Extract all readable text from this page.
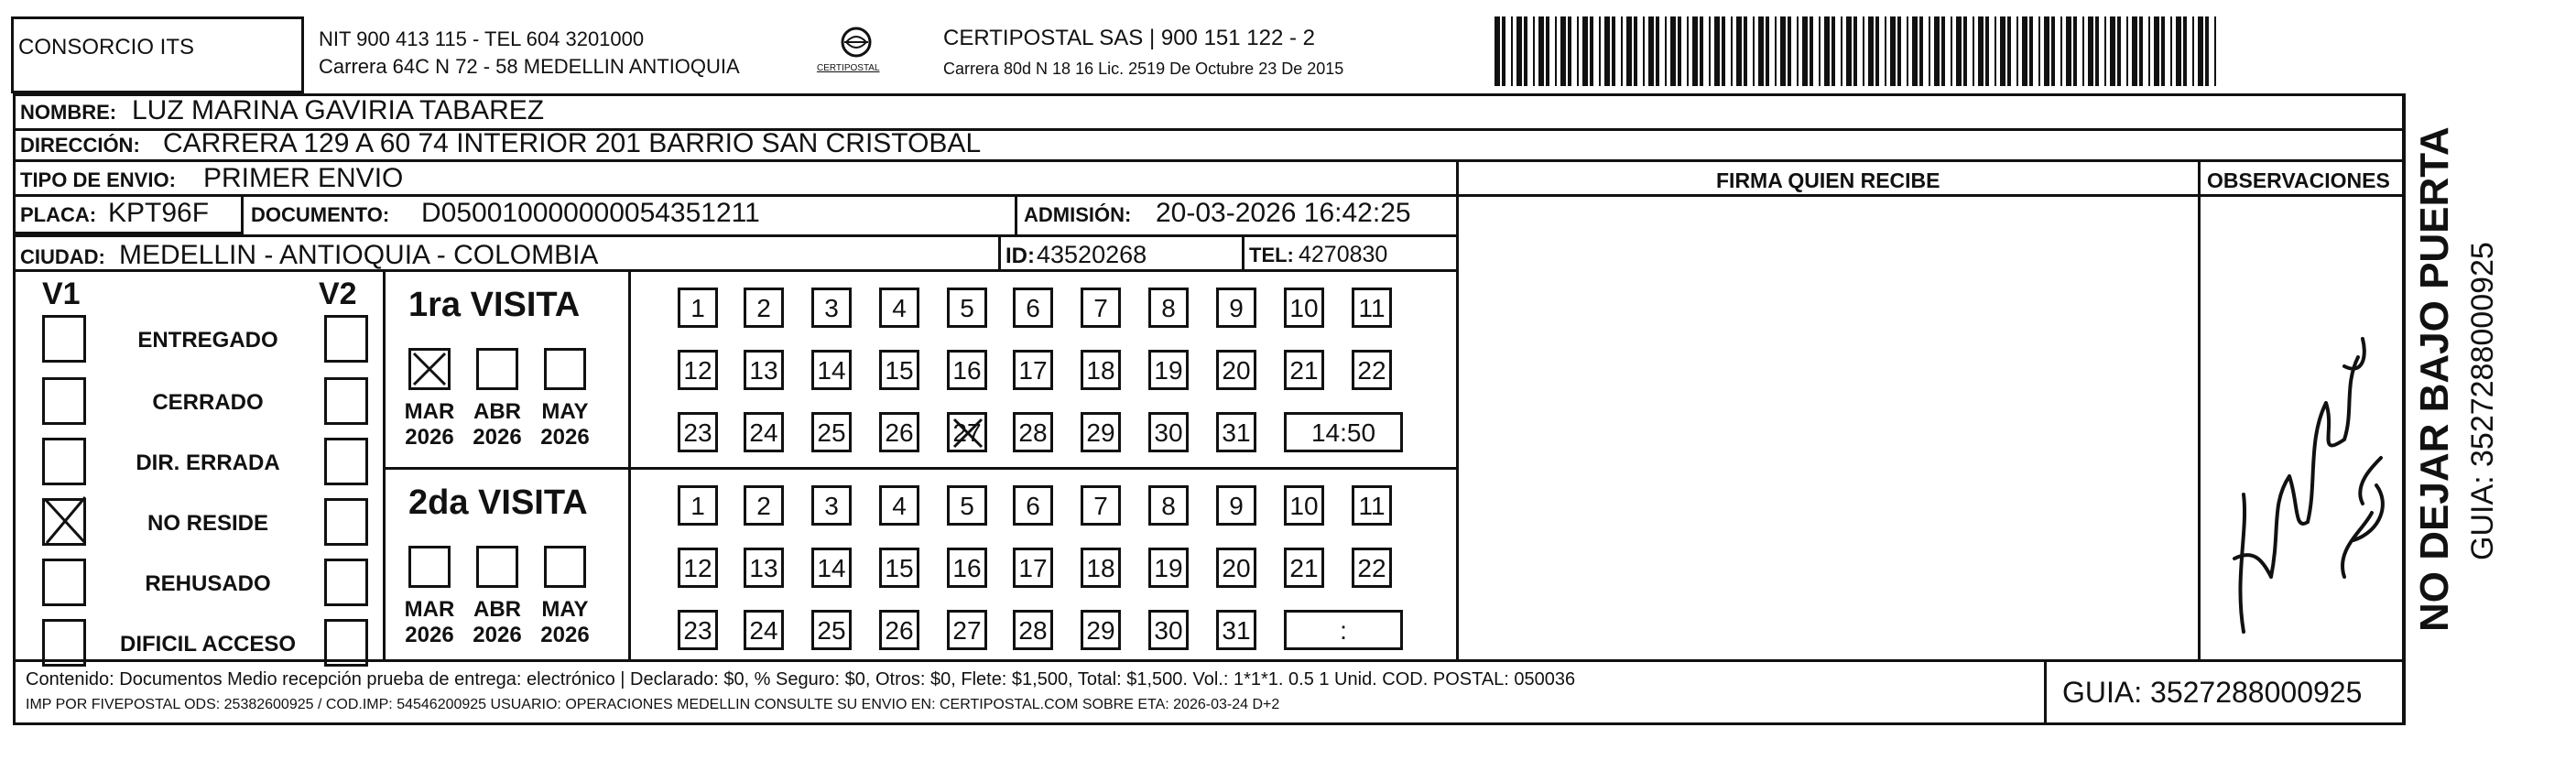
CONSORCIO ITS	NIT 900 413 115 - TEL 604 3201000
Carrera 64C N 72 - 58 MEDELLIN ANTIOQUIA	CERTIPOSTAL
CERTIPOSTAL SAS | 900 151 122 - 2
Carrera 80d N 18 16 Lic. 2519 De Octubre 23 De 2015
NOMBRE: LUZ MARINA GAVIRIA TABAREZ
DIRECCIÓN: CARRERA 129 A 60 74 INTERIOR 201 BARRIO SAN CRISTOBAL
TIPO DE ENVIO: PRIMER ENVIO
PLACA: KPT96F DOCUMENTO: D050010000000054351211	ADMISIÓN: 20-03-2026 16:42:25
CIUDAD: MEDELLIN - ANTIOQUIA - COLOMBIA	ID: 43520268	TEL: 4270830
FIRMA QUIEN RECIBE	OBSERVACIONES
V1	V2
ENTREGADO
CERRADO
DIR. ERRADA
NO RESIDE
REHUSADO
DIFICIL ACCESO
1ra VISITA
MAR
2026
ABR
2026
MAY
2026
1	2	3	4	5	6	7	8	9	10 11
12 13 14 15 16 17 18 19 20 21 22
23 24 25 26 27 28 29 30 31	14:50
2da VISITA
MAR
2026
ABR
2026
MAY
2026
1	2	3	4	5	6	7	8	9	10 11
12 13 14 15 16 17 18 19 20 21 22
23 24 25 26 27 28 29 30 31	:
Contenido: Documentos Medio recepción prueba de entrega: electrónico | Declarado: $0, % Seguro: $0, Otros: $0, Flete: $1,500, Total: $1,500. Vol.: 1*1*1. 0.5 1 Unid. COD. POSTAL: 050036
IMP POR FIVEPOSTAL ODS: 25382600925 / COD.IMP: 54546200925 USUARIO: OPERACIONES MEDELLIN CONSULTE SU ENVIO EN: CERTIPOSTAL.COM SOBRE ETA: 2026-03-24 D+2	GUIA: 3527288000925
NO DEJAR BAJO PUERTA GUIA: 3527288000925
